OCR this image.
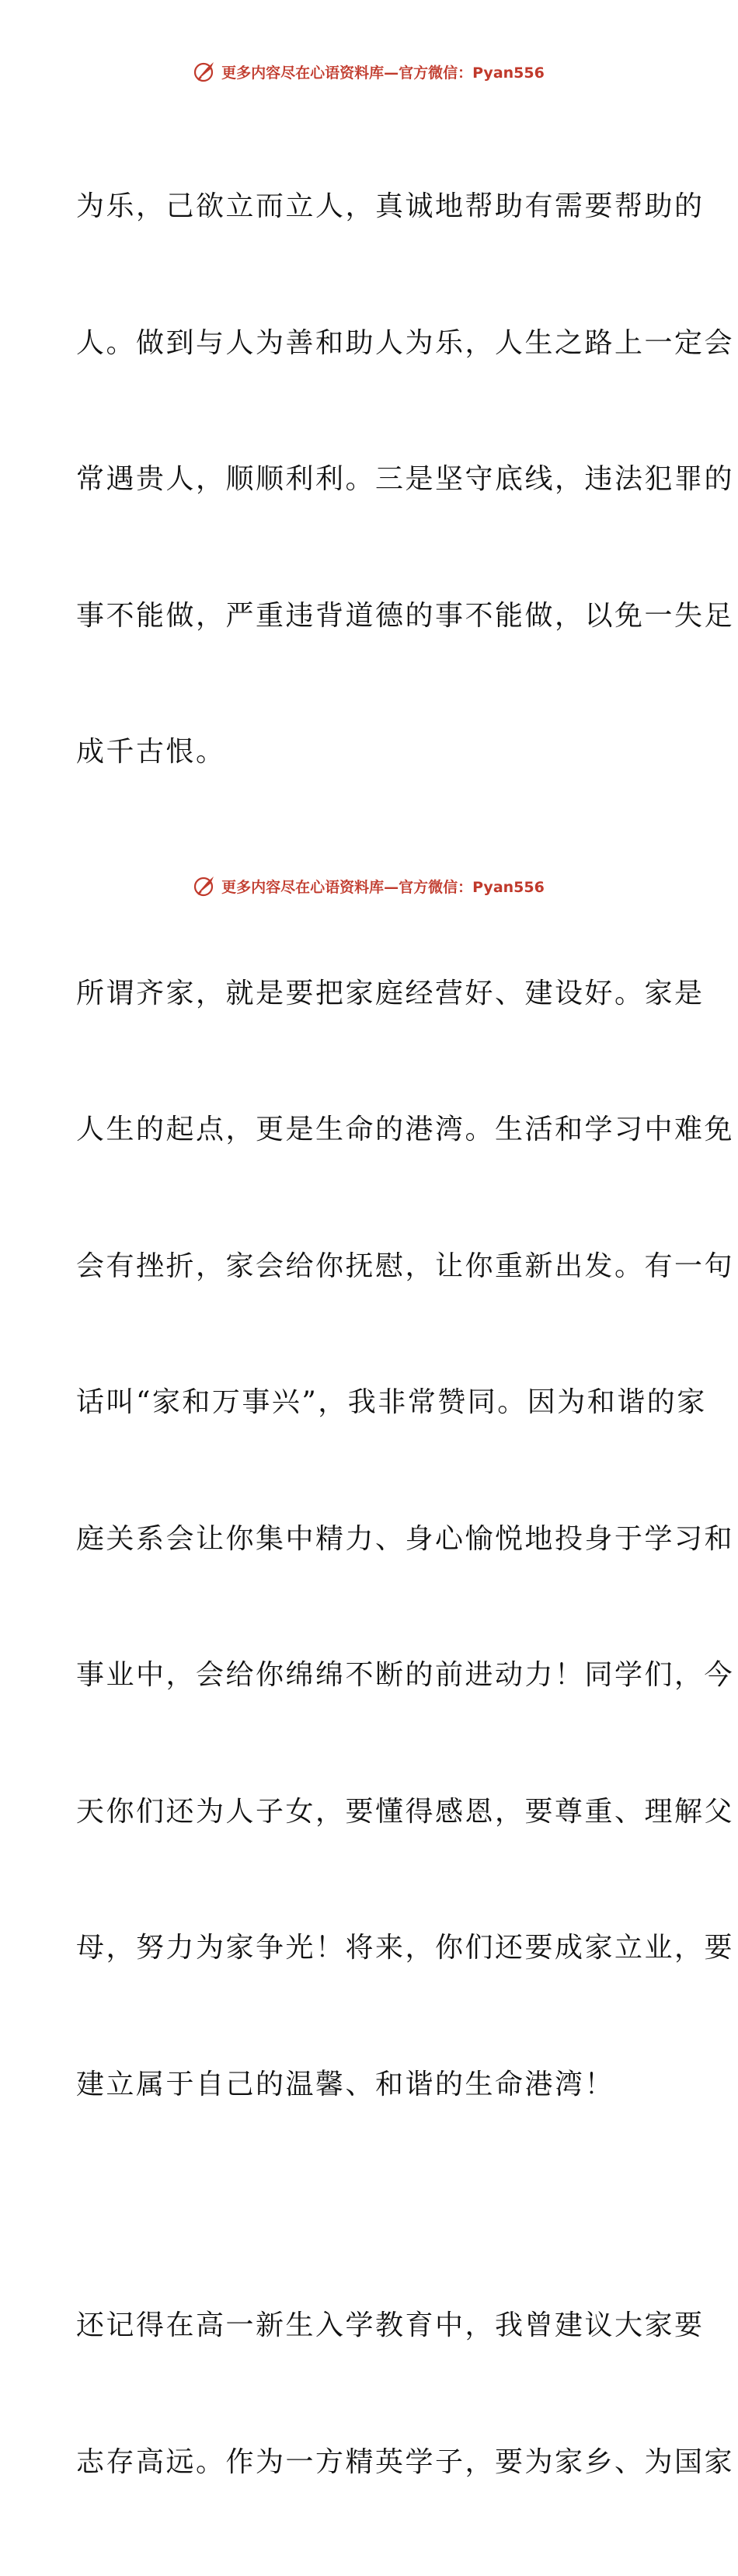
更多内容尽在心语资料库—官方微信：Pyan556

为乐，己欲立而立人，真诚地帮助有需要帮助的

人。做到与人为善和助人为乐，人生之路上一定会

常遇贵人，顺顺利利。三是坚守底线，违法犯罪的

事不能做，严重违背道德的事不能做，以免一失足

成千古恨。

所谓齐家，就是要把家庭经营好、建设好。家是

人生的起点，更是生命的港湾。生活和学习中难免

会有挫折，家会给你抚慰，让你重新出发。有一句

话叫“家和万事兴”，我非常赞同。因为和谐的家

庭关系会让你集中精力、身心愉悦地投身于学习和

事业中，会给你绵绵不断的前进动力！同学们，今

天你们还为人子女，要懂得感恩，要尊重、理解父

母，努力为家争光！将来，你们还要成家立业，要

建立属于自己的温馨、和谐的生命港湾！

还记得在高一新生入学教育中，我曾建议大家要

志存高远。作为一方精英学子，要为家乡、为国家

更多内容尽在心语资料库—官方微信：Pyan556
